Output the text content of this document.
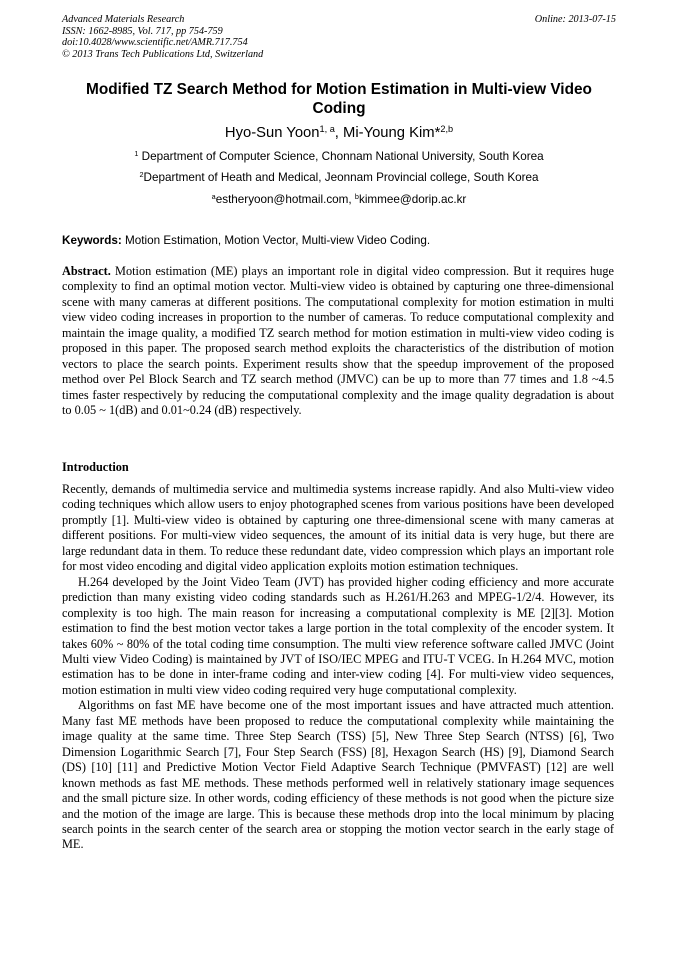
Advanced Materials Research
ISSN: 1662-8985, Vol. 717, pp 754-759
doi:10.4028/www.scientific.net/AMR.717.754
© 2013 Trans Tech Publications Ltd, Switzerland
Online: 2013-07-15
Modified TZ Search Method for Motion Estimation in Multi-view Video Coding
Hyo-Sun Yoon$^{1, a}$, Mi-Young Kim*$^{2,b}$
$^1$ Department of Computer Science, Chonnam National University, South Korea
$^2$Department of Heath and Medical, Jeonnam Provincial college, South Korea
$^a$estheryoon@hotmail.com, $^b$kimmee@dorip.ac.kr
Keywords: Motion Estimation, Motion Vector, Multi-view Video Coding.

Abstract. Motion estimation (ME) plays an important role in digital video compression. But it requires huge complexity to find an optimal motion vector. Multi-view video is obtained by capturing one three-dimensional scene with many cameras at different positions. The computational complexity for motion estimation in multi view video coding increases in proportion to the number of cameras. To reduce computational complexity and maintain the image quality, a modified TZ search method for motion estimation in multi-view video coding is proposed in this paper. The proposed search method exploits the characteristics of the distribution of motion vectors to place the search points. Experiment results show that the speedup improvement of the proposed method over Pel Block Search and TZ search method (JMVC) can be up to more than 77 times and 1.8 ~4.5 times faster respectively by reducing the computational complexity and the image quality degradation is about to 0.05 ~ 1(dB) and 0.01~0.24 (dB) respectively.

Introduction

Recently, demands of multimedia service and multimedia systems increase rapidly. And also Multi-view video coding techniques which allow users to enjoy photographed scenes from various positions have been developed promptly [1]. Multi-view video is obtained by capturing one three-dimensional scene with many cameras at different positions. For multi-view video sequences, the amount of its initial data is very huge, but there are large redundant data in them. To reduce these redundant date, video compression which plays an important role for most video encoding and digital video application exploits motion estimation techniques.

H.264 developed by the Joint Video Team (JVT) has provided higher coding efficiency and more accurate prediction than many existing video coding standards such as H.261/H.263 and MPEG-1/2/4. However, its complexity is too high. The main reason for increasing a computational complexity is ME [2][3]. Motion estimation to find the best motion vector takes a large portion in the total complexity of the encoder system. It takes 60% ~ 80% of the total coding time consumption. The multi view reference software called JMVC (Joint Multi view Video Coding) is maintained by JVT of ISO/IEC MPEG and ITU-T VCEG. In H.264 MVC, motion estimation has to be done in inter-frame coding and inter-view coding [4]. For multi-view video sequences, motion estimation in multi view video coding required very huge computational complexity.

Algorithms on fast ME have become one of the most important issues and have attracted much attention. Many fast ME methods have been proposed to reduce the computational complexity while maintaining the image quality at the same time. Three Step Search (TSS) [5], New Three Step Search (NTSS) [6], Two Dimension Logarithmic Search [7], Four Step Search (FSS) [8], Hexagon Search (HS) [9], Diamond Search (DS) [10] [11] and Predictive Motion Vector Field Adaptive Search Technique (PMVFAST) [12] are well known methods as fast ME methods. These methods performed well in relatively stationary image sequences and the small picture size. In other words, coding efficiency of these methods is not good when the picture size and the motion of the image are large. This is because these methods drop into the local minimum by placing search points in the search center of the search area or stopping the motion vector search in the early stage of ME.
